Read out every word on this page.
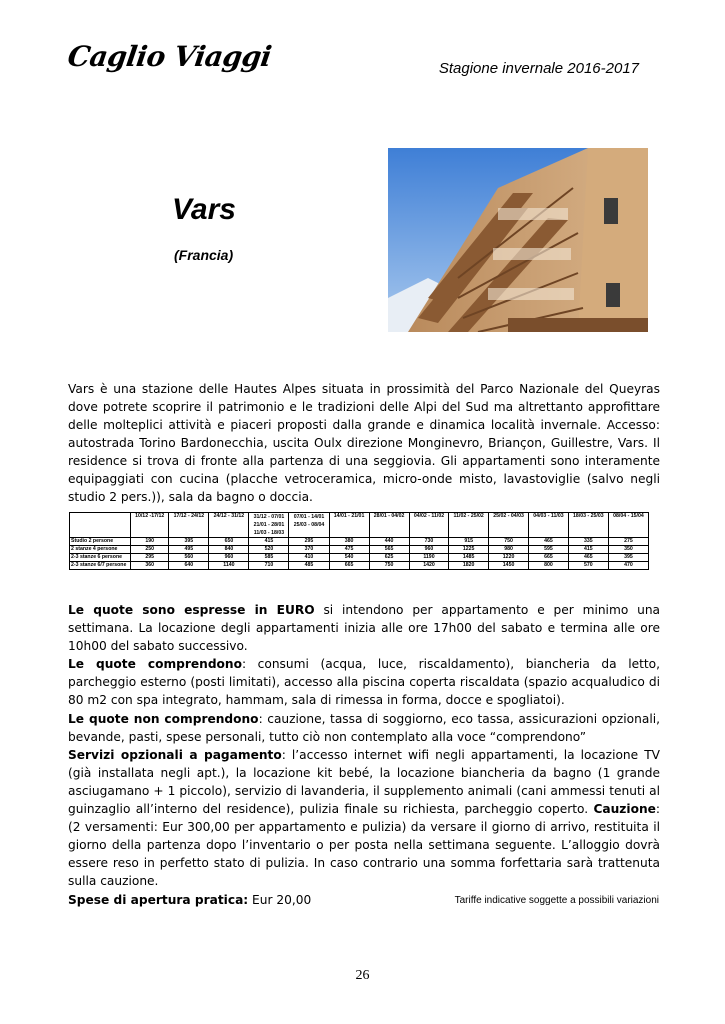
Caglio Viaggi	Stagione invernale 2016-2017
Vars
(Francia)
Vars è una stazione delle Hautes Alpes situata in prossimità del Parco Nazionale del Queyras dove potrete scoprire il patrimonio e le tradizioni delle Alpi del Sud ma altrettanto approfittare delle molteplici attività e piaceri proposti dalla grande e dinamica località invernale. Accesso: autostrada Torino Bardonecchia, uscita Oulx direzione Monginevro, Briançon, Guillestre, Vars. Il residence si trova di fronte alla partenza di una seggiovia. Gli appartamenti sono interamente equipaggiati con cucina (placche vetroceramica, micro-onde misto, lavastoviglie (salvo negli studio 2 pers.)), sala da bagno o doccia.
	10/12 -17/12	17/12 - 24/12	24/12 - 31/12	31/12 - 07/01
21/01 - 28/01
11/03 - 18/03	07/01 - 14/01
25/03 - 08/04	14/01 - 21/01	28/01 - 04/02	04/02 - 11/02	11/02 - 25/02	25/02 - 04/03	04/03 - 11/03	18/03 - 25/03	08/04 - 15/04
Studio 2 persone	190	395	650	415	295	380	440	730	915	750	465	335	275
2 stanze 4 persone	250	495	840	520	370	475	565	960	1225	980	595	415	350
2-3 stanze 6 persone	295	560	960	585	410	540	625	1190	1485	1220	665	465	395
2-3 stanze 6/7 persone	360	640	1140	710	485	665	750	1420	1820	1450	800	570	470

Le quote sono espresse in EURO si intendono per appartamento e per minimo una settimana. La locazione degli appartamenti inizia alle ore 17h00 del sabato e termina alle ore 10h00 del sabato successivo.

Le quote comprendono: consumi (acqua, luce, riscaldamento), biancheria da letto, parcheggio esterno (posti limitati), accesso alla piscina coperta riscaldata (spazio acqualudico di 80 m2 con spa integrato, hammam, sala di rimessa in forma, docce e spogliatoi).

Le quote non comprendono: cauzione, tassa di soggiorno, eco tassa, assicurazioni opzionali, bevande, pasti, spese personali, tutto ciò non contemplato alla voce “comprendono”

Servizi opzionali a pagamento: l’accesso internet wifi negli appartamenti, la locazione TV (già installata negli apt.), la locazione kit bebé, la locazione biancheria da bagno (1 grande asciugamano + 1 piccolo), servizio di lavanderia, il supplemento animali (cani ammessi tenuti al guinzaglio all’interno del residence), pulizia finale su richiesta, parcheggio coperto. Cauzione: (2 versamenti: Eur 300,00 per appartamento e pulizia) da versare il giorno di arrivo, restituita il giorno della partenza dopo l’inventario o per posta nella settimana seguente. L’alloggio dovrà essere reso in perfetto stato di pulizia. In caso contrario una somma forfettaria sarà trattenuta sulla cauzione.

Spese di apertura pratica: Eur 20,00	Tariffe indicative soggette a possibili variazioni
26
